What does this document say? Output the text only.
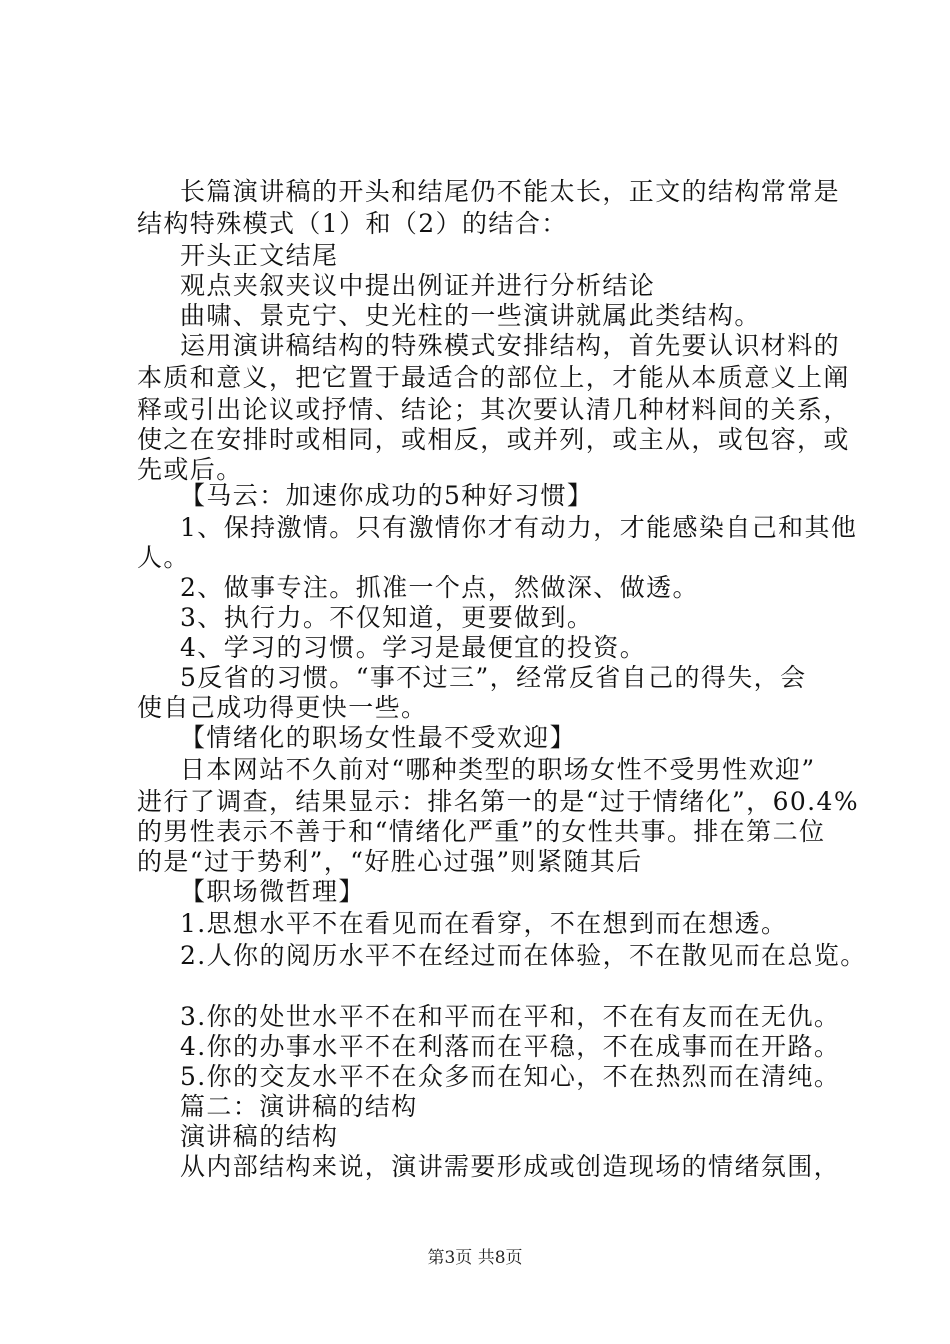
长篇演讲稿的开头和结尾仍不能太长，正文的结构常常是
结构特殊模式（1）和（2）的结合：
开头正文结尾
观点夹叙夹议中提出例证并进行分析结论
曲啸、景克宁、史光柱的一些演讲就属此类结构。
运用演讲稿结构的特殊模式安排结构，首先要认识材料的
本质和意义，把它置于最适合的部位上，才能从本质意义上阐
释或引出论议或抒情、结论；其次要认清几种材料间的关系，
使之在安排时或相同，或相反，或并列，或主从，或包容，或
先或后。
【马云：加速你成功的5种好习惯】
1、保持激情。只有激情你才有动力，才能感染自己和其他
人。
2、做事专注。抓准一个点，然做深、做透。
3、执行力。不仅知道，更要做到。
4、学习的习惯。学习是最便宜的投资。
5反省的习惯。“事不过三”，经常反省自己的得失，会
使自己成功得更快一些。
【情绪化的职场女性最不受欢迎】
日本网站不久前对“哪种类型的职场女性不受男性欢迎”
进行了调查，结果显示：排名第一的是“过于情绪化”，60.4%
的男性表示不善于和“情绪化严重”的女性共事。排在第二位
的是“过于势利”，“好胜心过强”则紧随其后
【职场微哲理】
1.思想水平不在看见而在看穿，不在想到而在想透。
2.人你的阅历水平不在经过而在体验，不在散见而在总览。
3.你的处世水平不在和平而在平和，不在有友而在无仇。
4.你的办事水平不在利落而在平稳，不在成事而在开路。
5.你的交友水平不在众多而在知心，不在热烈而在清纯。
篇二：演讲稿的结构
演讲稿的结构
从内部结构来说，演讲需要形成或创造现场的情绪氛围，
第3页 共8页
